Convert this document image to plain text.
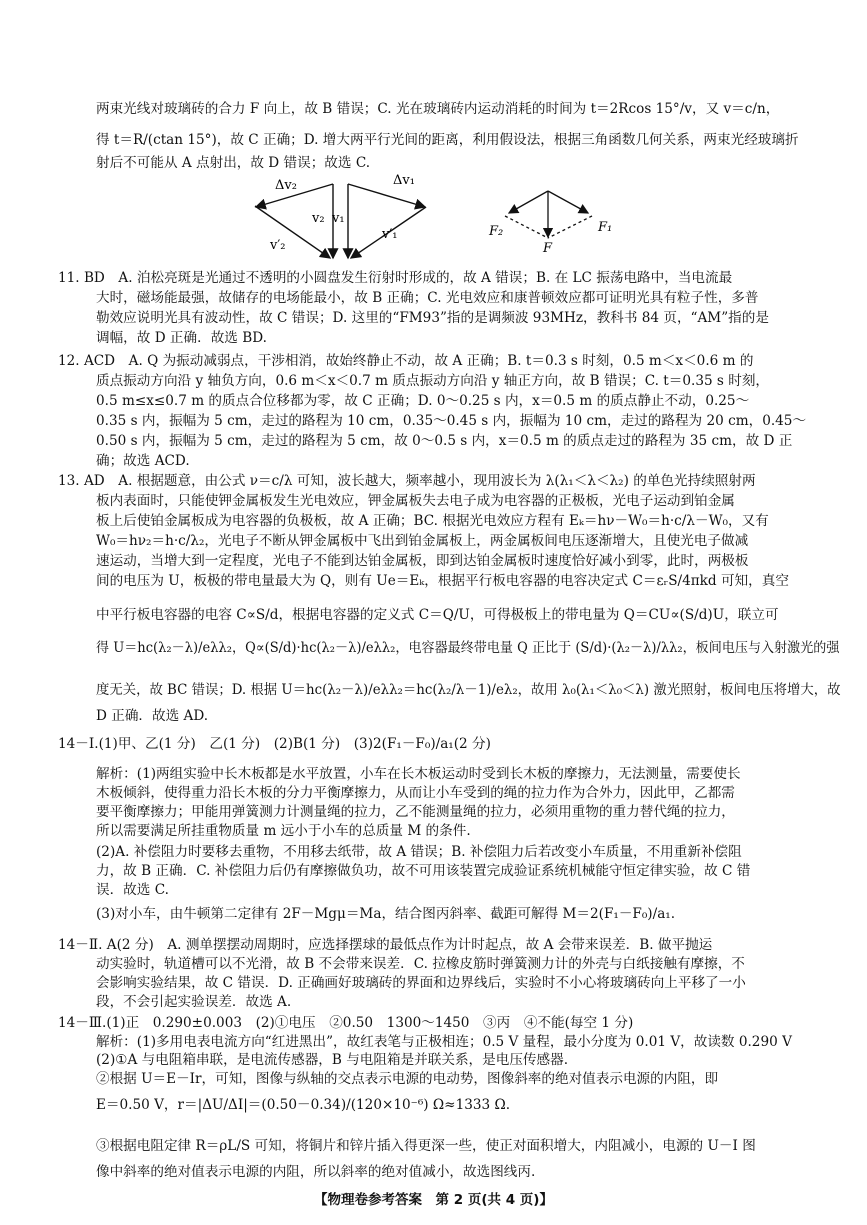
两束光线对玻璃砖的合力 F 向上，故 B 错误；C. 光在玻璃砖内运动消耗的时间为 t＝2Rcos 15°/v，又 v＝c/n，
得 t＝R/(ctan 15°)，故 C 正确；D. 增大两平行光间的距离，利用假设法，根据三角函数几何关系，两束光经玻璃折
射后不可能从 A 点射出，故 D 错误；故选 C.
11. BD　A. 泊松亮斑是光通过不透明的小圆盘发生衍射时形成的，故 A 错误；B. 在 LC 振荡电路中，当电流最
大时，磁场能最强，故储存的电场能最小，故 B 正确；C. 光电效应和康普顿效应都可证明光具有粒子性，多普
勒效应说明光具有波动性，故 C 错误；D. 这里的“FM93”指的是调频波 93MHz，教科书 84 页，“AM”指的是
调幅，故 D 正确．故选 BD.
12. ACD　A. Q 为振动减弱点，干涉相消，故始终静止不动，故 A 正确；B. t＝0.3 s 时刻，0.5 m＜x＜0.6 m 的
质点振动方向沿 y 轴负方向，0.6 m＜x＜0.7 m 质点振动方向沿 y 轴正方向，故 B 错误；C. t＝0.35 s 时刻，
0.5 m≤x≤0.7 m 的质点合位移都为零，故 C 正确；D. 0～0.25 s 内，x＝0.5 m 的质点静止不动，0.25～
0.35 s 内，振幅为 5 cm，走过的路程为 10 cm，0.35～0.45 s 内，振幅为 10 cm，走过的路程为 20 cm，0.45～
0.50 s 内，振幅为 5 cm，走过的路程为 5 cm，故 0～0.5 s 内，x＝0.5 m 的质点走过的路程为 35 cm，故 D 正
确；故选 ACD.
13. AD　A. 根据题意，由公式 ν＝c/λ 可知，波长越大，频率越小，现用波长为 λ(λ₁＜λ＜λ₂) 的单色光持续照射两
板内表面时，只能使钾金属板发生光电效应，钾金属板失去电子成为电容器的正极板，光电子运动到铂金属
板上后使铂金属板成为电容器的负极板，故 A 正确；BC. 根据光电效应方程有 Eₖ＝hν－W₀＝h·c/λ－W₀，又有
W₀＝hν₂＝h·c/λ₂，光电子不断从钾金属板中飞出到铂金属板上，两金属板间电压逐渐增大，且使光电子做减
速运动，当增大到一定程度，光电子不能到达铂金属板，即到达铂金属板时速度恰好减小到零，此时，两极板
间的电压为 U，板极的带电量最大为 Q，则有 Ue＝Eₖ，根据平行板电容器的电容决定式 C＝εᵣS/4πkd 可知，真空
中平行板电容器的电容 C∝S/d，根据电容器的定义式 C＝Q/U，可得极板上的带电量为 Q＝CU∝(S/d)U，联立可
得 U＝hc(λ₂－λ)/eλλ₂，Q∝(S/d)·hc(λ₂－λ)/eλλ₂，电容器最终带电量 Q 正比于 (S/d)·(λ₂－λ)/λλ₂，板间电压与入射激光的强
度无关，故 BC 错误；D. 根据 U＝hc(λ₂－λ)/eλλ₂＝hc(λ₂/λ－1)/eλ₂，故用 λ₀(λ₁＜λ₀＜λ) 激光照射，板间电压将增大，故
D 正确．故选 AD.
14－Ⅰ.(1)甲、乙(1 分)　乙(1 分)　(2)B(1 分)　(3)2(F₁－F₀)/a₁(2 分)
解析：(1)两组实验中长木板都是水平放置，小车在长木板运动时受到长木板的摩擦力，无法测量，需要使长
木板倾斜，使得重力沿长木板的分力平衡摩擦力，从而让小车受到的绳的拉力作为合外力，因此甲，乙都需
要平衡摩擦力；甲能用弹簧测力计测量绳的拉力，乙不能测量绳的拉力，必须用重物的重力替代绳的拉力，
所以需要满足所挂重物质量 m 远小于小车的总质量 M 的条件.
(2)A. 补偿阻力时要移去重物，不用移去纸带，故 A 错误；B. 补偿阻力后若改变小车质量，不用重新补偿阻
力，故 B 正确．C. 补偿阻力后仍有摩擦做负功，故不可用该装置完成验证系统机械能守恒定律实验，故 C 错
误．故选 C.
(3)对小车，由牛顿第二定律有 2F－Mgμ＝Ma，结合图丙斜率、截距可解得 M＝2(F₁－F₀)/a₁.
14－Ⅱ. A(2 分)　A. 测单摆摆动周期时，应选择摆球的最低点作为计时起点，故 A 会带来误差．B. 做平抛运
动实验时，轨道槽可以不光滑，故 B 不会带来误差．C. 拉橡皮筋时弹簧测力计的外壳与白纸接触有摩擦，不
会影响实验结果，故 C 错误．D. 正确画好玻璃砖的界面和边界线后，实验时不小心将玻璃砖向上平移了一小
段，不会引起实验误差．故选 A.
14－Ⅲ.(1)正　0.290±0.003　(2)①电压　②0.50　1300～1450　③丙　④不能(每空 1 分)
解析：(1)多用电表电流方向“红进黑出”，故红表笔与正极相连；0.5 V 量程，最小分度为 0.01 V，故读数 0.290 V
(2)①A 与电阻箱串联，是电流传感器，B 与电阻箱是并联关系，是电压传感器.
②根据 U＝E－Ir，可知，图像与纵轴的交点表示电源的电动势，图像斜率的绝对值表示电源的内阻，即
E＝0.50 V，r＝|ΔU/ΔI|＝(0.50－0.34)/(120×10⁻⁶) Ω≈1333 Ω.
③根据电阻定律 R＝ρL/S 可知，将铜片和锌片插入得更深一些，使正对面积增大，内阻减小，电源的 U－I 图
像中斜率的绝对值表示电源的内阻，所以斜率的绝对值减小，故选图线丙.
Δv₂
v₂
v′₂
Δv₁
v₁
v′₁	F₂
F
F₁
【物理卷参考答案　第 2 页(共 4 页)】
